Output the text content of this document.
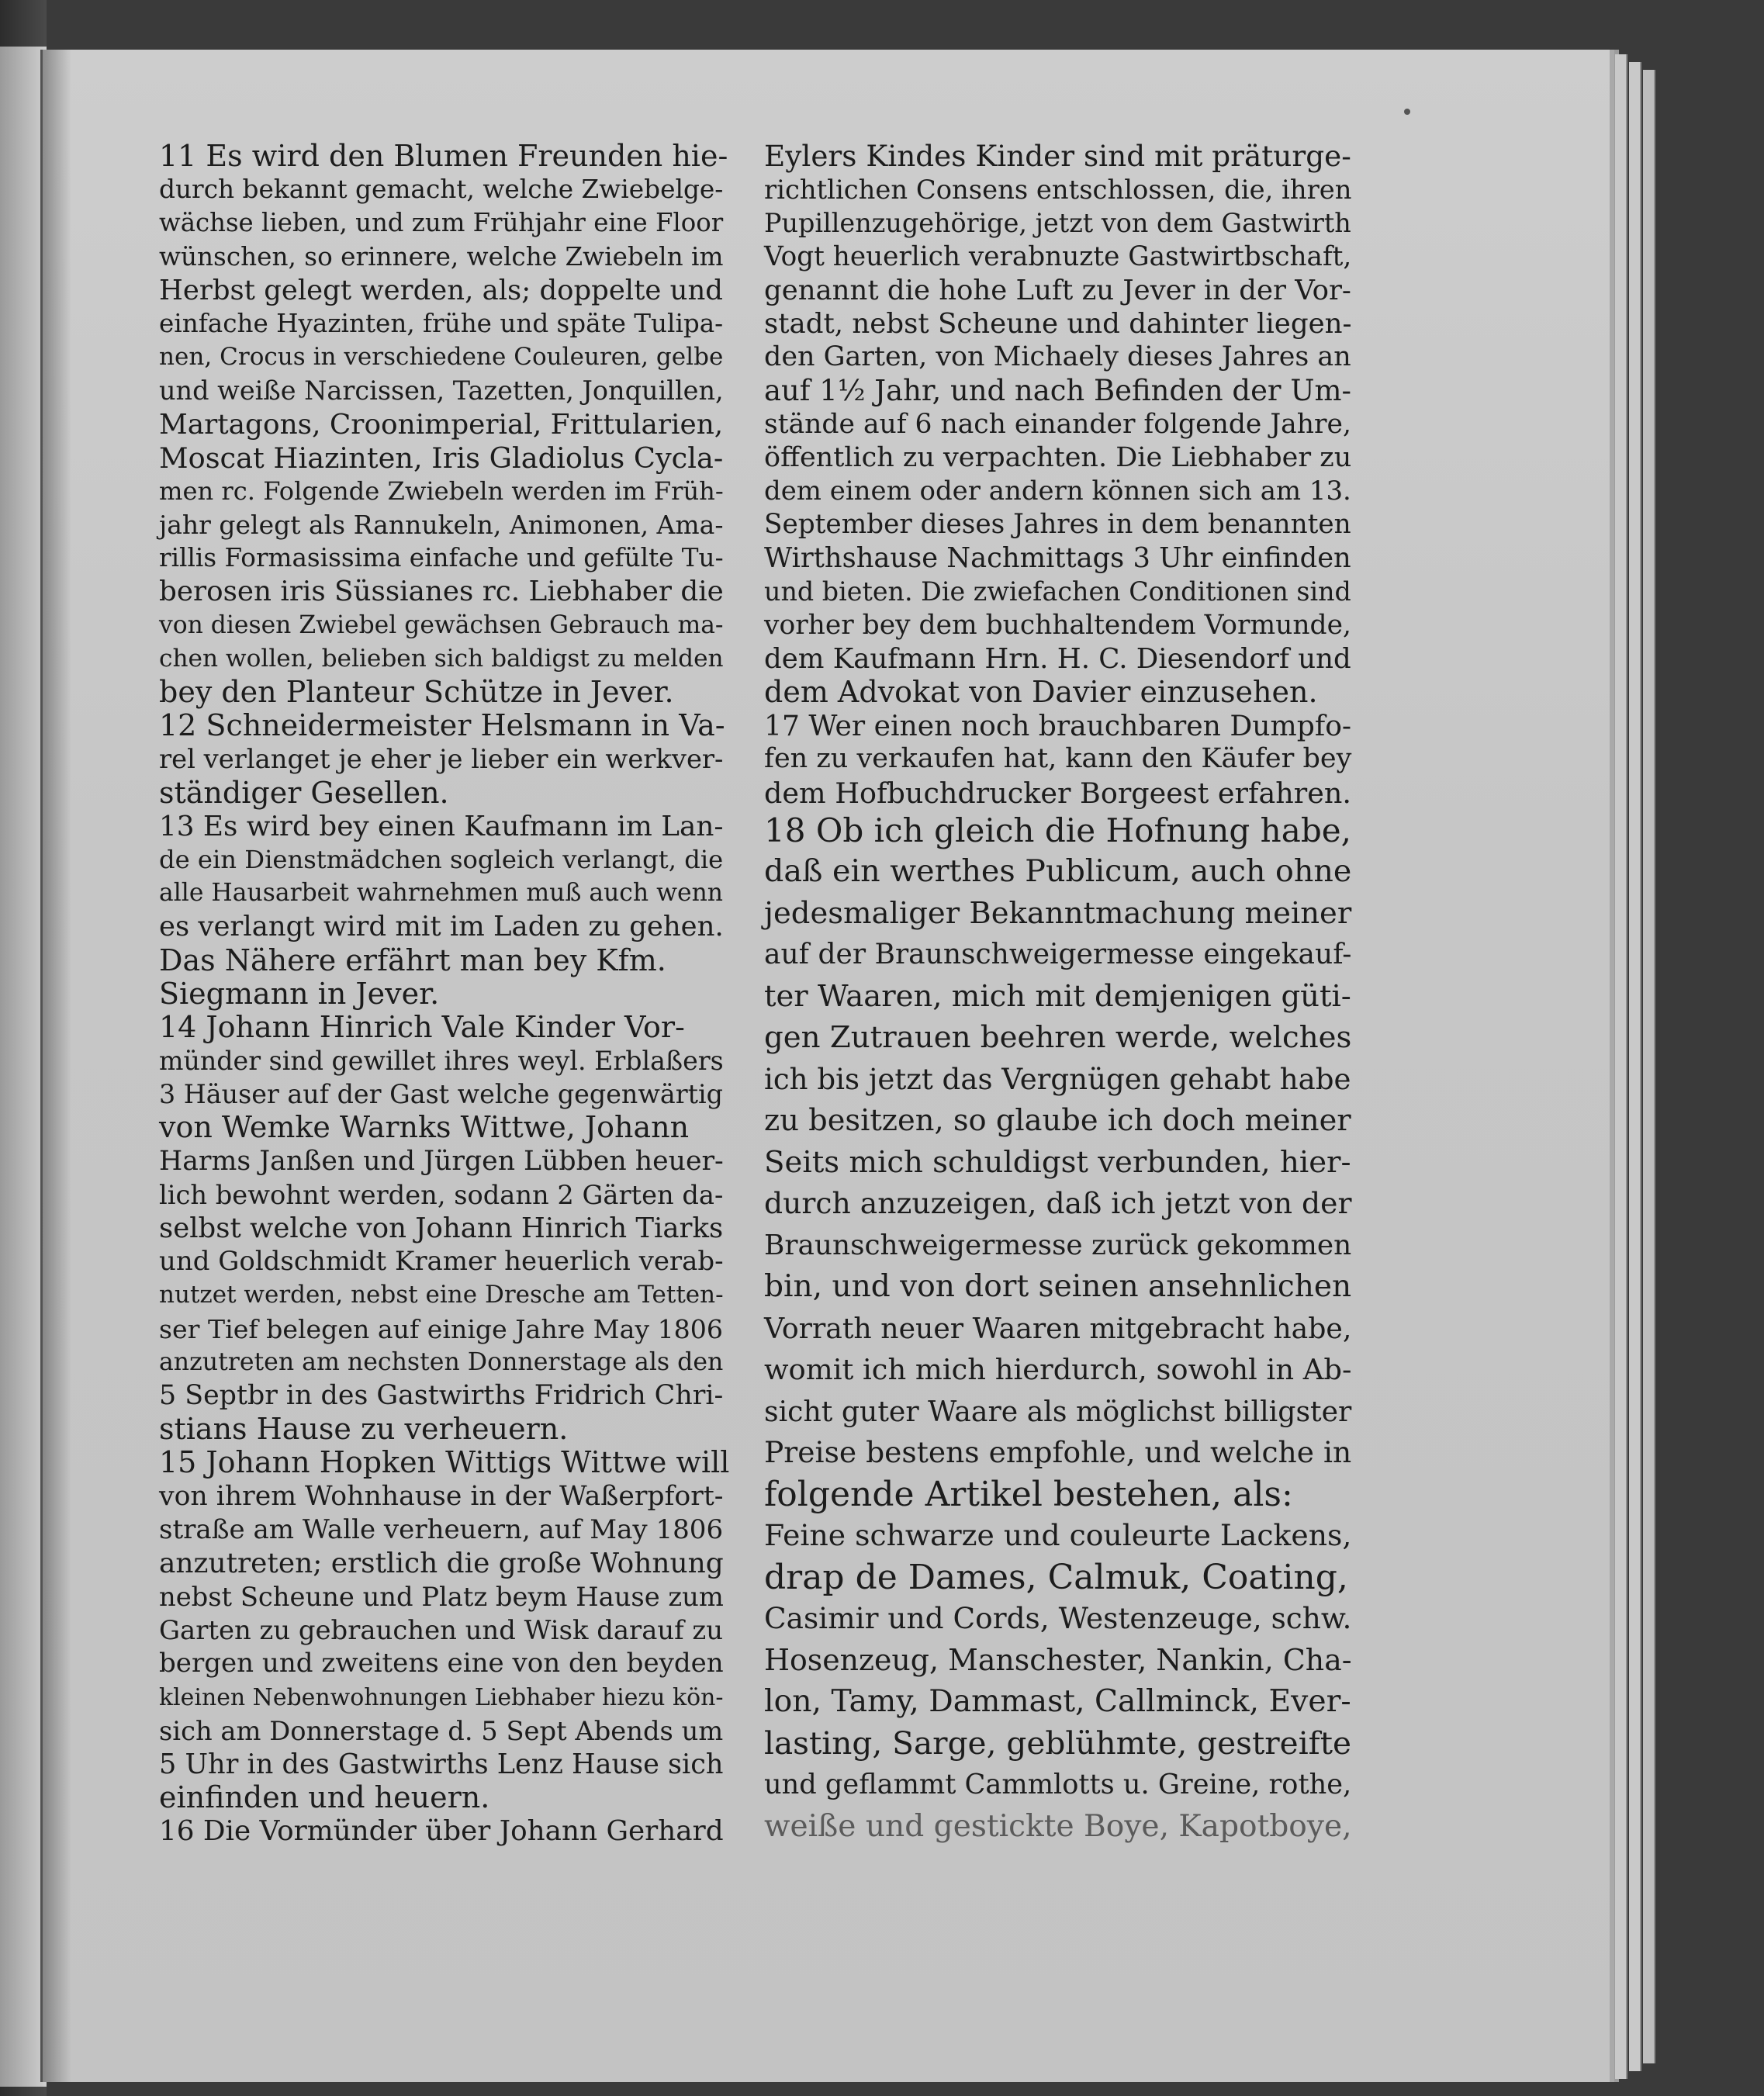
11 Es wird den Blumen Freunden hie-
durch bekannt gemacht, welche Zwiebelge-
wächse lieben, und zum Frühjahr eine Floor
wünschen, so erinnere, welche Zwiebeln im
Herbst gelegt werden, als; doppelte und
einfache Hyazinten, frühe und späte Tulipa-
nen, Crocus in verschiedene Couleuren, gelbe
und weiße Narcissen, Tazetten, Jonquillen,
Martagons, Croonimperial, Frittularien,
Moscat Hiazinten, Iris Gladiolus Cycla-
men rc. Folgende Zwiebeln werden im Früh-
jahr gelegt als Rannukeln, Animonen, Ama-
rillis Formasissima einfache und gefülte Tu-
berosen iris Süssianes rc. Liebhaber die
von diesen Zwiebel gewächsen Gebrauch ma-
chen wollen, belieben sich baldigst zu melden
bey den Planteur Schütze in Jever.
12 Schneidermeister Helsmann in Va-
rel verlanget je eher je lieber ein werkver-
ständiger Gesellen.
13 Es wird bey einen Kaufmann im Lan-
de ein Dienstmädchen sogleich verlangt, die
alle Hausarbeit wahrnehmen muß auch wenn
es verlangt wird mit im Laden zu gehen.
Das Nähere erfährt man bey Kfm.
Siegmann in Jever.
14 Johann Hinrich Vale Kinder Vor-
münder sind gewillet ihres weyl. Erblaßers
3 Häuser auf der Gast welche gegenwärtig
von Wemke Warnks Wittwe, Johann
Harms Janßen und Jürgen Lübben heuer-
lich bewohnt werden, sodann 2 Gärten da-
selbst welche von Johann Hinrich Tiarks
und Goldschmidt Kramer heuerlich verab-
nutzet werden, nebst eine Dresche am Tetten-
ser Tief belegen auf einige Jahre May 1806
anzutreten am nechsten Donnerstage als den
5 Septbr in des Gastwirths Fridrich Chri-
stians Hause zu verheuern.
15 Johann Hopken Wittigs Wittwe will
von ihrem Wohnhause in der Waßerpfort-
straße am Walle verheuern, auf May 1806
anzutreten; erstlich die große Wohnung
nebst Scheune und Platz beym Hause zum
Garten zu gebrauchen und Wisk darauf zu
bergen und zweitens eine von den beyden
kleinen Nebenwohnungen Liebhaber hiezu kön-
sich am Donnerstage d. 5 Sept Abends um
5 Uhr in des Gastwirths Lenz Hause sich
einfinden und heuern.
16 Die Vormünder über Johann Gerhard
Eylers Kindes Kinder sind mit präturge-
richtlichen Consens entschlossen, die, ihren
Pupillenzugehörige, jetzt von dem Gastwirth
Vogt heuerlich verabnuzte Gastwirtbschaft,
genannt die hohe Luft zu Jever in der Vor-
stadt, nebst Scheune und dahinter liegen-
den Garten, von Michaely dieses Jahres an
auf 1½ Jahr, und nach Befinden der Um-
stände auf 6 nach einander folgende Jahre,
öffentlich zu verpachten. Die Liebhaber zu
dem einem oder andern können sich am 13.
September dieses Jahres in dem benannten
Wirthshause Nachmittags 3 Uhr einfinden
und bieten. Die zwiefachen Conditionen sind
vorher bey dem buchhaltendem Vormunde,
dem Kaufmann Hrn. H. C. Diesendorf und
dem Advokat von Davier einzusehen.
17 Wer einen noch brauchbaren Dumpfo-
fen zu verkaufen hat, kann den Käufer bey
dem Hofbuchdrucker Borgeest erfahren.
18 Ob ich gleich die Hofnung habe,
daß ein werthes Publicum, auch ohne
jedesmaliger Bekanntmachung meiner
auf der Braunschweigermesse eingekauf-
ter Waaren, mich mit demjenigen güti-
gen Zutrauen beehren werde, welches
ich bis jetzt das Vergnügen gehabt habe
zu besitzen, so glaube ich doch meiner
Seits mich schuldigst verbunden, hier-
durch anzuzeigen, daß ich jetzt von der
Braunschweigermesse zurück gekommen
bin, und von dort seinen ansehnlichen
Vorrath neuer Waaren mitgebracht habe,
womit ich mich hierdurch, sowohl in Ab-
sicht guter Waare als möglichst billigster
Preise bestens empfohle, und welche in
folgende Artikel bestehen, als:
Feine schwarze und couleurte Lackens,
drap de Dames, Calmuk, Coating,
Casimir und Cords, Westenzeuge, schw.
Hosenzeug, Manschester, Nankin, Cha-
lon, Tamy, Dammast, Callminck, Ever-
lasting, Sarge, geblühmte, gestreifte
und geflammt Cammlotts u. Greine, rothe,
weiße und gestickte Boye, Kapotboye,
